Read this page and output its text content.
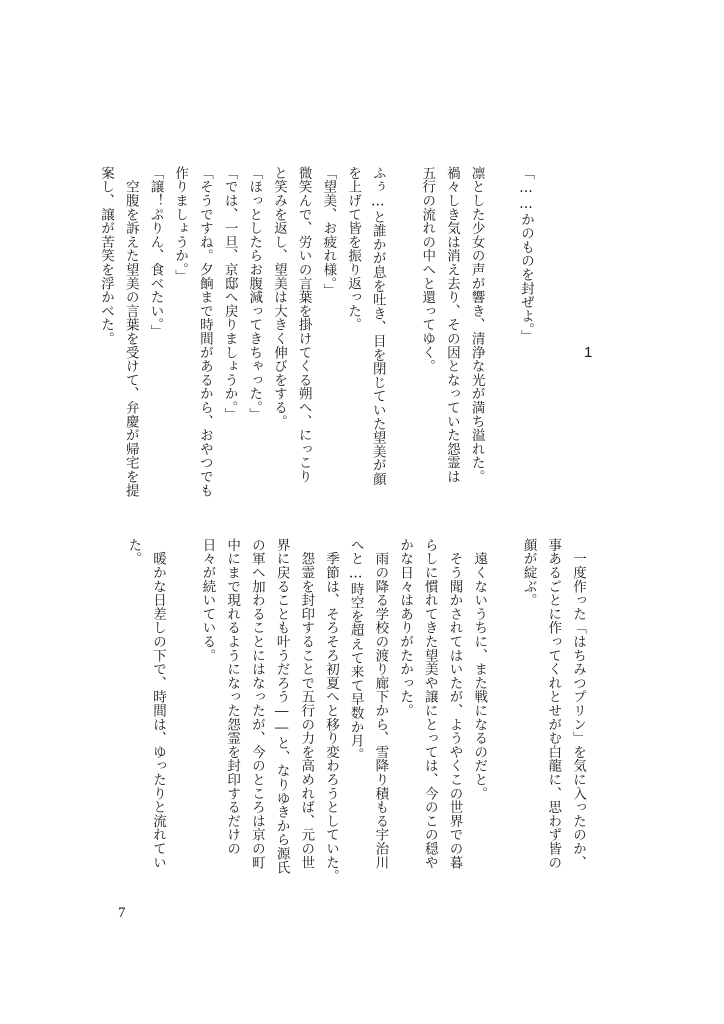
「……かのものを封ぜよ。」

凛とした少女の声が響き、清浄な光が満ち溢れた。
禍々しき気は消え去り、その因となっていた怨霊は
五行の流れの中へと還ってゆく。

ふぅ…と誰かが息を吐き、目を閉じていた望美が顔
を上げて皆を振り返った。
「望美、お疲れ様。」
微笑んで、労いの言葉を掛けてくる朔へ、にっこり
と笑みを返し、望美は大きく伸びをする。
「ほっとしたらお腹減ってきちゃった。」
「では、一旦、京邸へ戻りましょうか。」
「そうですね。夕餉まで時間があるから、おやつでも
作りましょうか。」
「譲！ぷりん、食べたい。」
　空腹を訴えた望美の言葉を受けて、弁慶が帰宅を提
案し、譲が苦笑を浮かべた。
1
　一度作った「はちみつプリン」を気に入ったのか、
事あるごとに作ってくれとせがむ白龍に、思わず皆の
顔が綻ぶ。

　遠くないうちに、また戦になるのだと。
　そう聞かされてはいたが、ようやくこの世界での暮
らしに慣れてきた望美や譲にとっては、今のこの穏や
かな日々はありがたかった。
　雨の降る学校の渡り廊下から、雪降り積もる宇治川
へと…時空を超えて来て早数か月。
　季節は、そろそろ初夏へと移り変わろうとしていた。
　怨霊を封印することで五行の力を高めれば、元の世
界に戻ることも叶うだろう――と、なりゆきから源氏
の軍へ加わることにはなったが、今のところは京の町
中にまで現れるようになった怨霊を封印するだけの
日々が続いている。

　暖かな日差しの下で、時間は、ゆったりと流れてい
た。
7
